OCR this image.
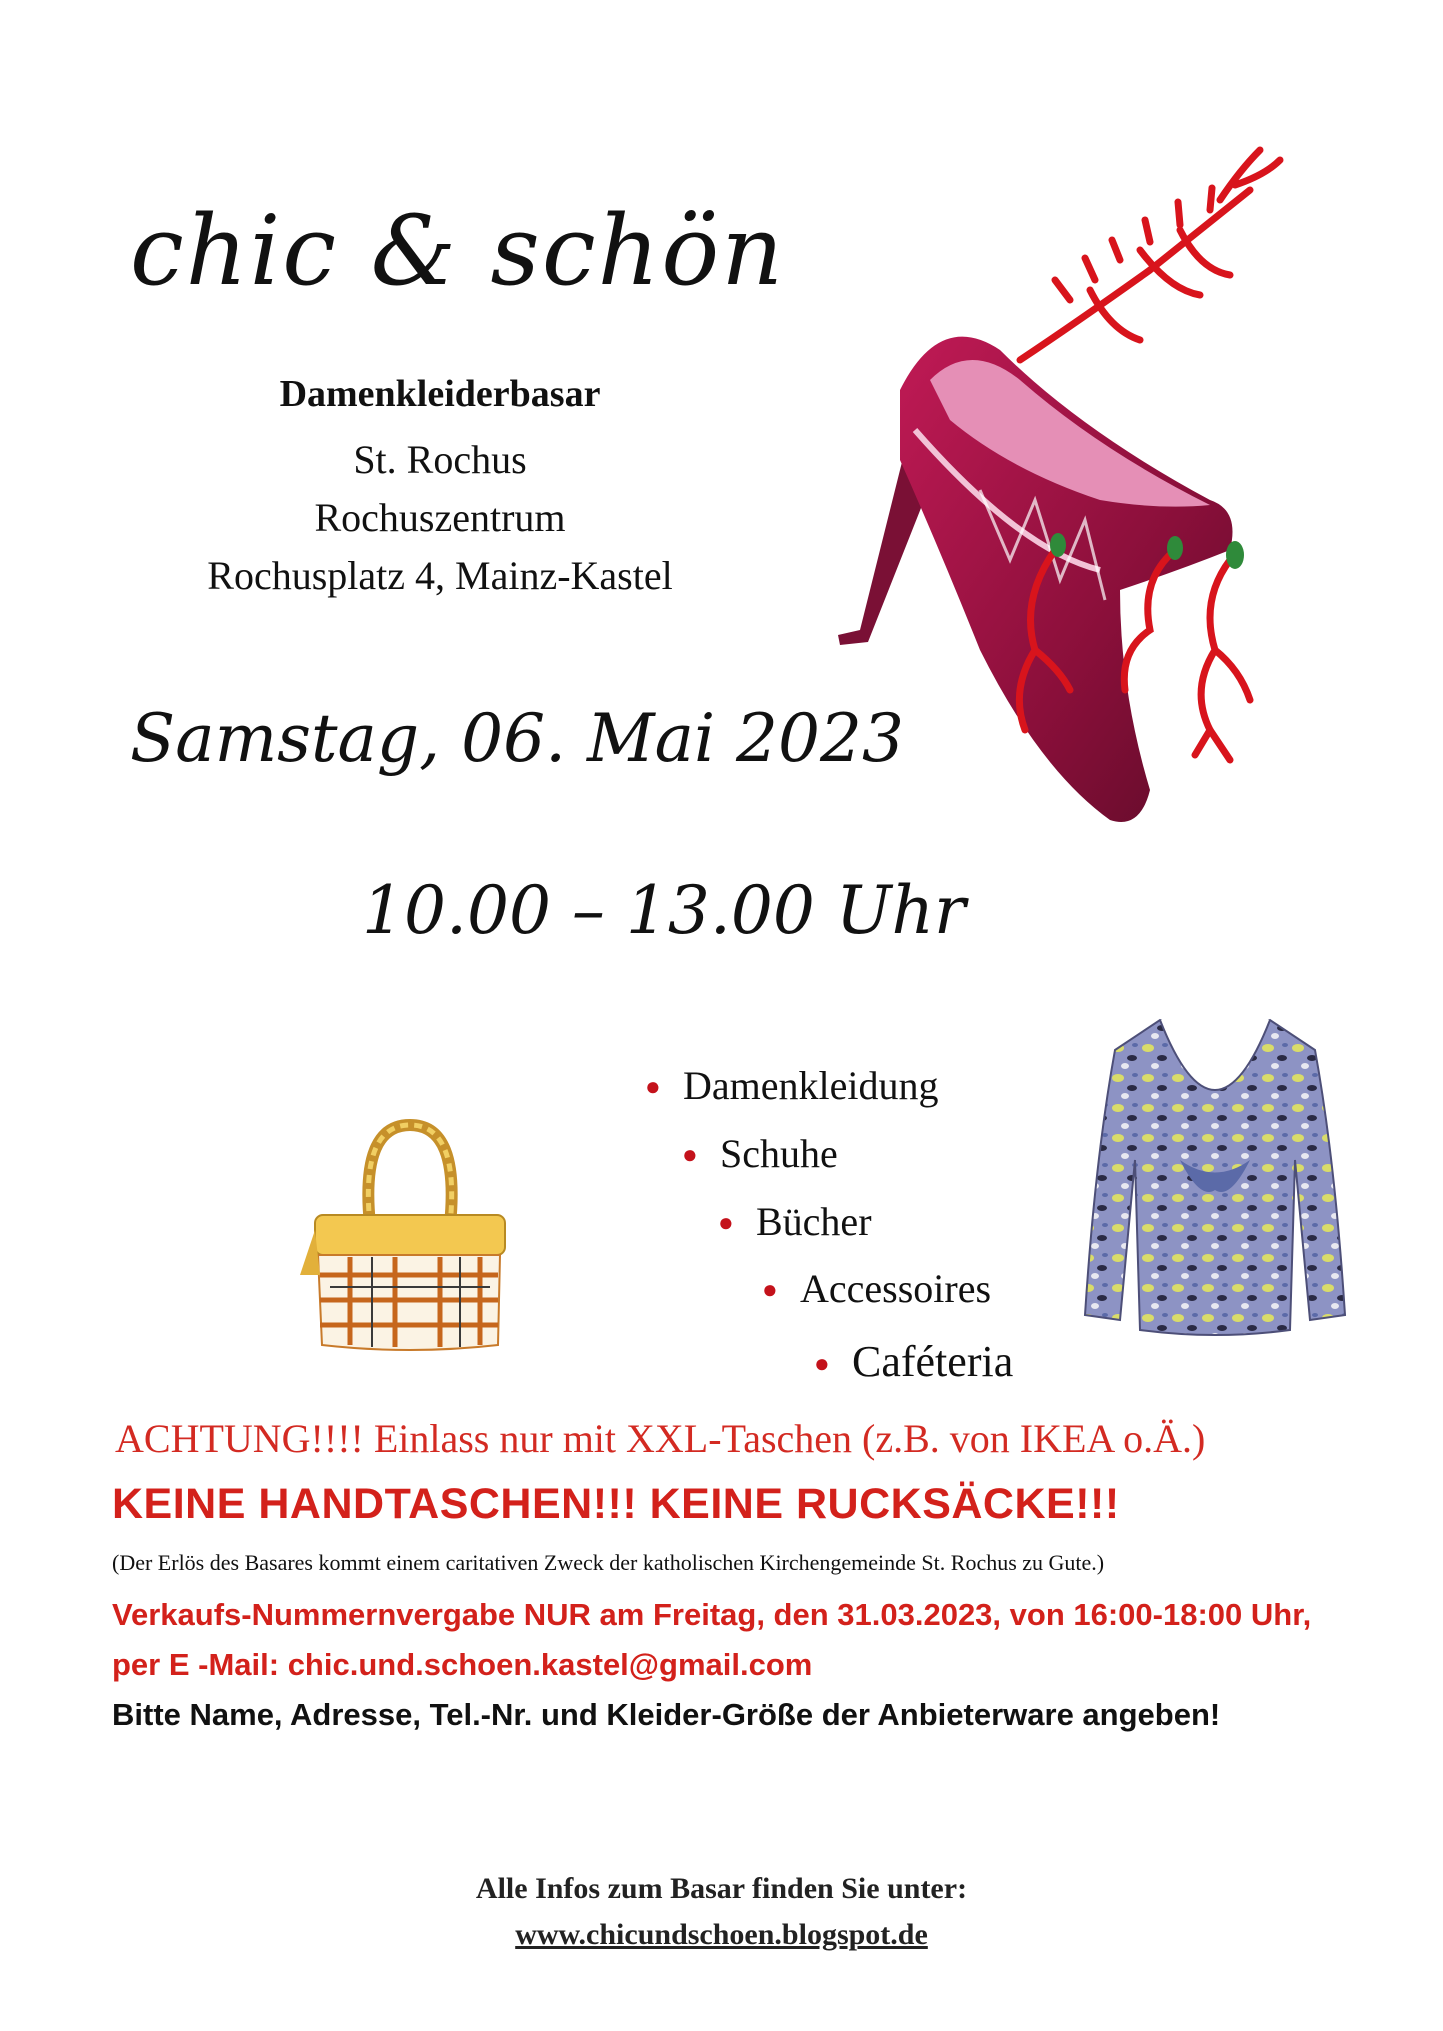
chic & schön
Damenkleiderbasar
St. Rochus
Rochuszentrum
Rochusplatz 4, Mainz-Kastel
Samstag, 06. Mai 2023
10.00 – 13.00 Uhr
● Damenkleidung
● Schuhe
● Bücher
● Accessoires
● Caféteria
ACHTUNG!!!! Einlass nur mit XXL-Taschen (z.B. von IKEA o.Ä.)
KEINE HANDTASCHEN!!! KEINE RUCKSÄCKE!!!
(Der Erlös des Basares kommt einem caritativen Zweck der katholischen Kirchengemeinde St. Rochus zu Gute.)
Verkaufs-Nummernvergabe NUR am Freitag, den 31.03.2023, von 16:00-18:00 Uhr, per E -Mail: chic.und.schoen.kastel@gmail.com
Bitte Name, Adresse, Tel.-Nr. und Kleider-Größe der Anbieterware angeben!
Alle Infos zum Basar finden Sie unter:
www.chicundschoen.blogspot.de
